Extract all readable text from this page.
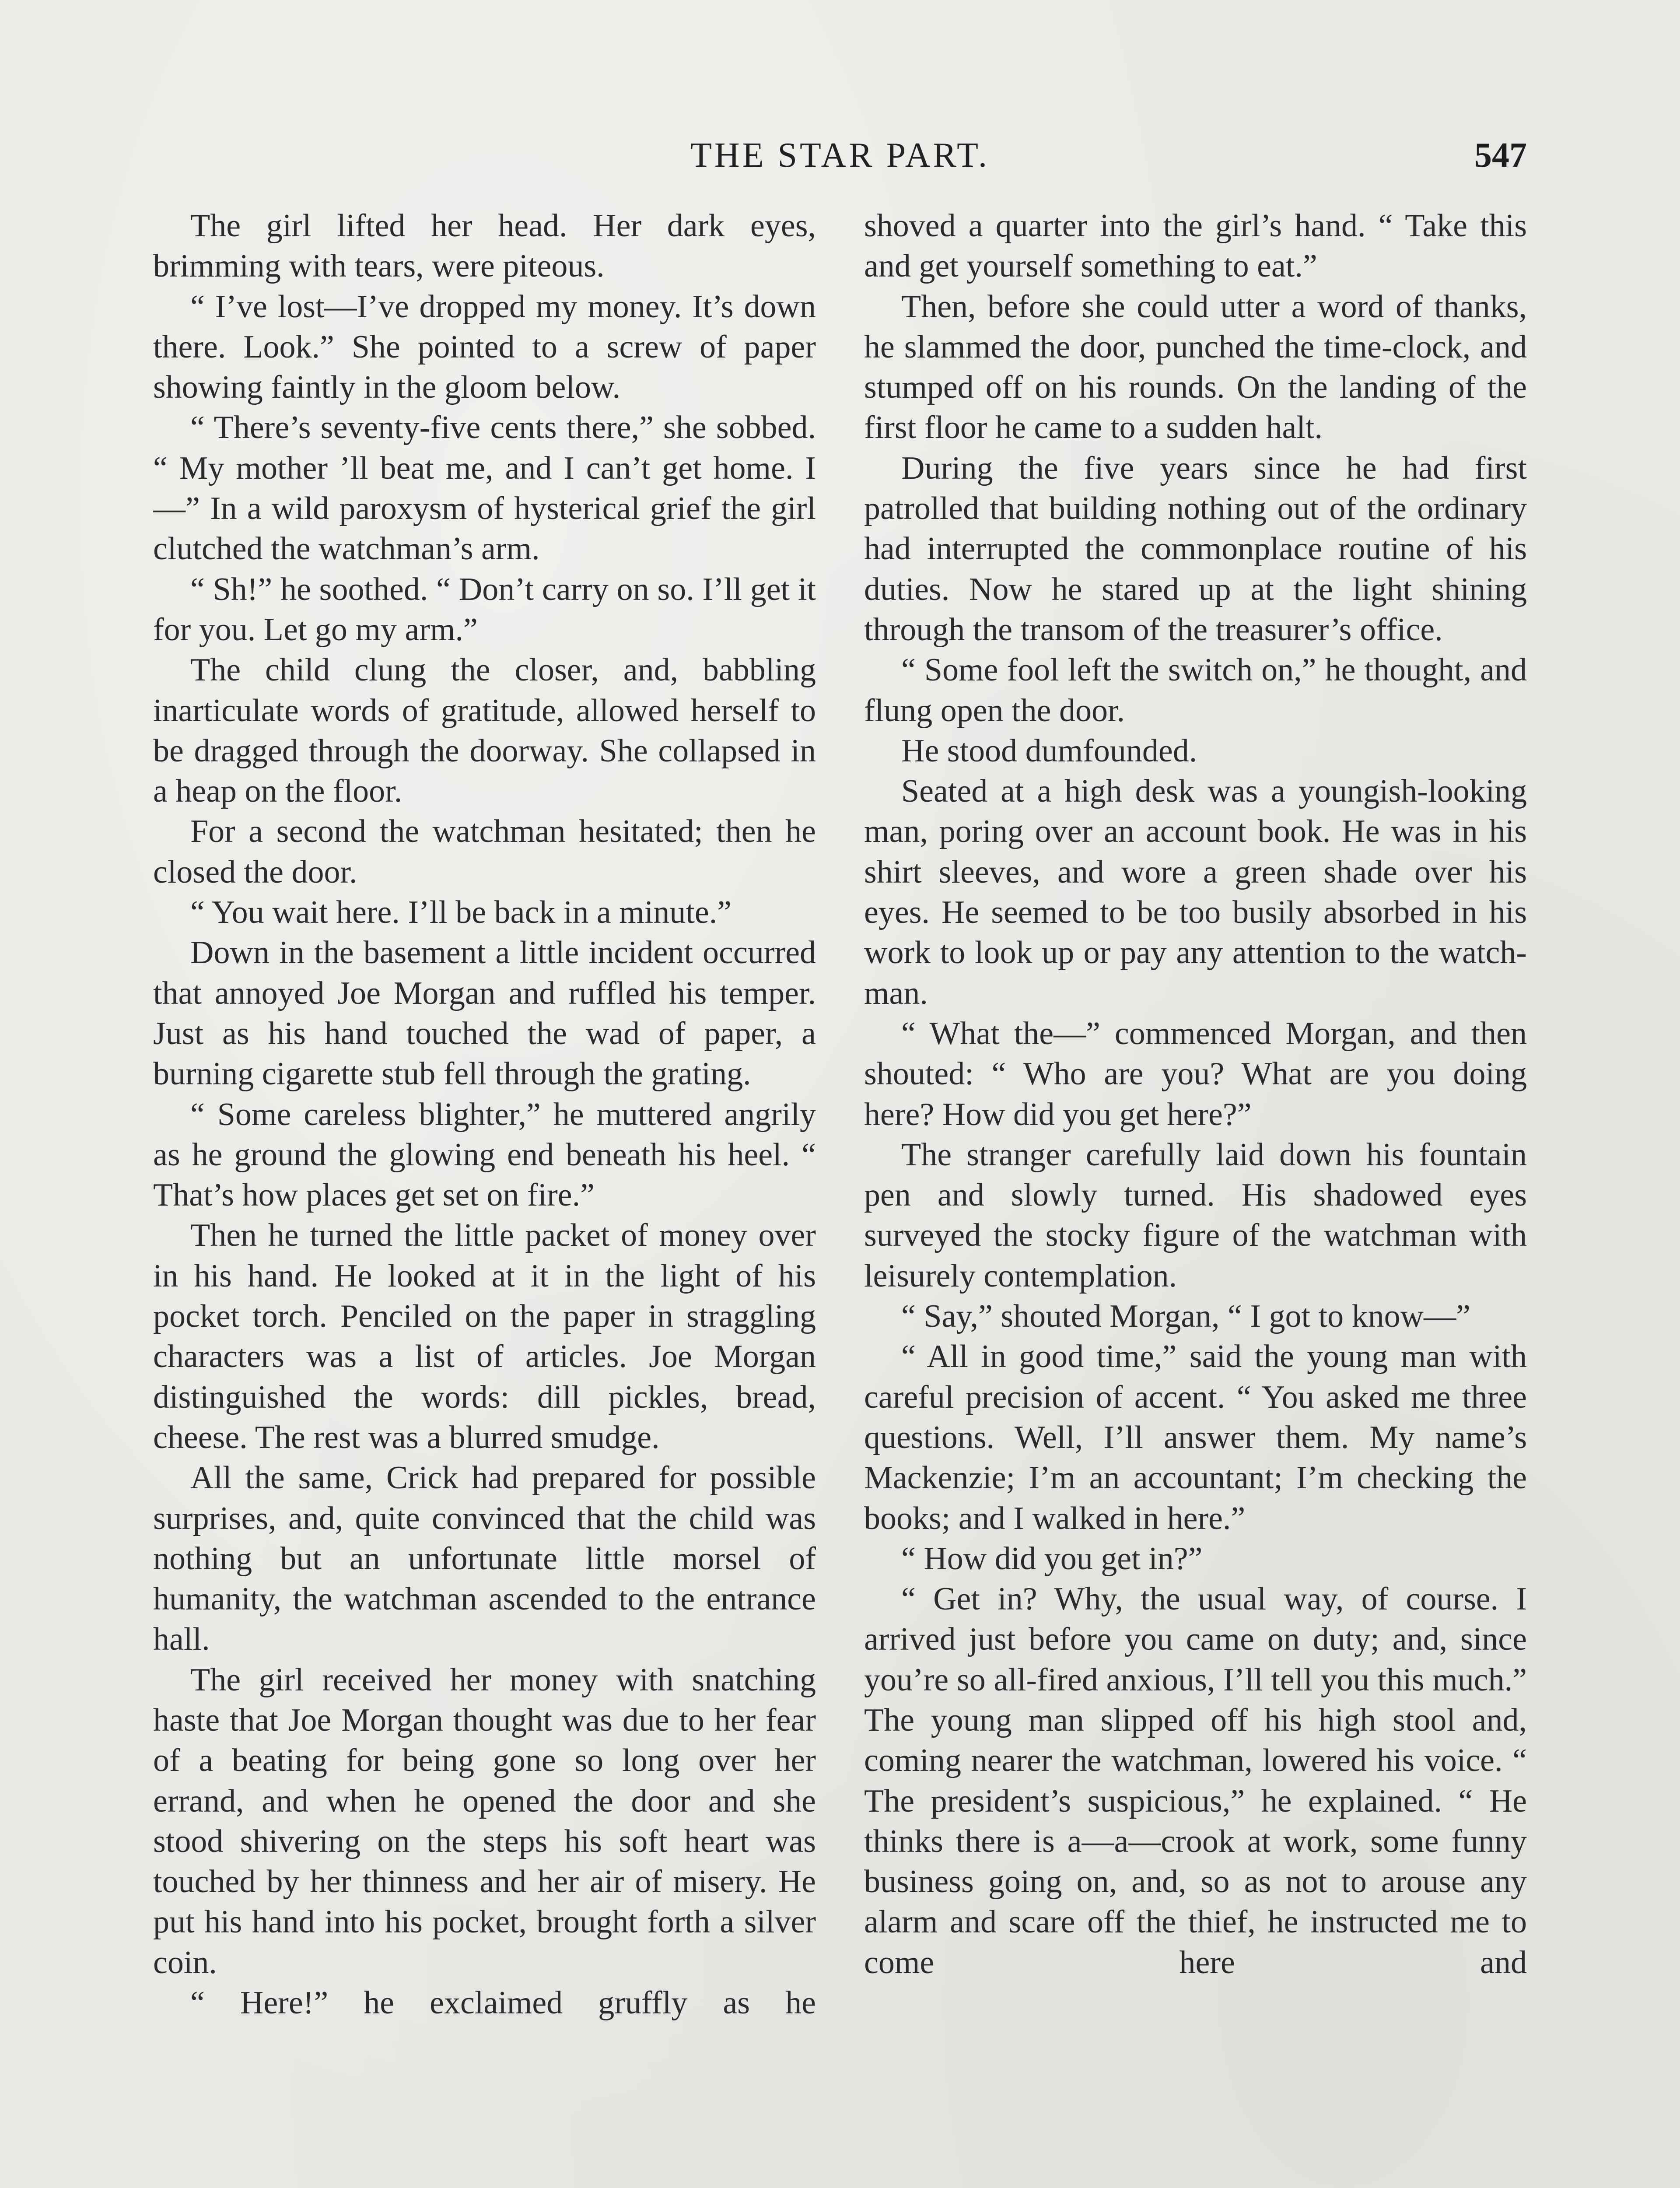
THE STAR PART.	547

The girl lifted her head. Her dark eyes, brimming with tears, were piteous.

“ I’ve lost—I’ve dropped my money. It’s down there. Look.” She pointed to a screw of paper showing faintly in the gloom below.

“ There’s seventy-five cents there,” she sobbed. “ My mother ’ll beat me, and I can’t get home. I—” In a wild paroxysm of hysterical grief the girl clutched the watchman’s arm.

“ Sh!” he soothed. “ Don’t carry on so. I’ll get it for you. Let go my arm.”

The child clung the closer, and, babbling inarticulate words of gratitude, allowed herself to be dragged through the doorway. She collapsed in a heap on the floor.

For a second the watchman hesitated; then he closed the door.

“ You wait here. I’ll be back in a minute.”

Down in the basement a little incident occurred that annoyed Joe Morgan and ruffled his temper. Just as his hand touched the wad of paper, a burning cigarette stub fell through the grating.

“ Some careless blighter,” he muttered angrily as he ground the glowing end beneath his heel. “ That’s how places get set on fire.”

Then he turned the little packet of money over in his hand. He looked at it in the light of his pocket torch. Penciled on the paper in straggling characters was a list of articles. Joe Morgan distinguished the words: dill pickles, bread, cheese. The rest was a blurred smudge.

All the same, Crick had prepared for possible surprises, and, quite convinced that the child was nothing but an unfortunate little morsel of humanity, the watchman ascended to the entrance hall.

The girl received her money with snatching haste that Joe Morgan thought was due to her fear of a beating for being gone so long over her errand, and when he opened the door and she stood shivering on the steps his soft heart was touched by her thinness and her air of misery. He put his hand into his pocket, brought forth a silver coin.

“ Here!” he exclaimed gruffly as he

shoved a quarter into the girl’s hand. “ Take this and get yourself something to eat.”

Then, before she could utter a word of thanks, he slammed the door, punched the time-clock, and stumped off on his rounds. On the landing of the first floor he came to a sudden halt.

During the five years since he had first patrolled that building nothing out of the ordinary had interrupted the commonplace routine of his duties. Now he stared up at the light shining through the transom of the treasurer’s office.

“ Some fool left the switch on,” he thought, and flung open the door.

He stood dumfounded.

Seated at a high desk was a youngish-looking man, poring over an account book. He was in his shirt sleeves, and wore a green shade over his eyes. He seemed to be too busily absorbed in his work to look up or pay any attention to the watchman.

“ What the—” commenced Morgan, and then shouted: “ Who are you? What are you doing here? How did you get here?”

The stranger carefully laid down his fountain pen and slowly turned. His shadowed eyes surveyed the stocky figure of the watchman with leisurely contemplation.

“ Say,” shouted Morgan, “ I got to know—”

“ All in good time,” said the young man with careful precision of accent. “ You asked me three questions. Well, I’ll answer them. My name’s Mackenzie; I’m an accountant; I’m checking the books; and I walked in here.”

“ How did you get in?”

“ Get in? Why, the usual way, of course. I arrived just before you came on duty; and, since you’re so all-fired anxious, I’ll tell you this much.” The young man slipped off his high stool and, coming nearer the watchman, lowered his voice. “ The president’s suspicious,” he explained. “ He thinks there is a—a—crook at work, some funny business going on, and, so as not to arouse any alarm and scare off the thief, he instructed me to come here and
